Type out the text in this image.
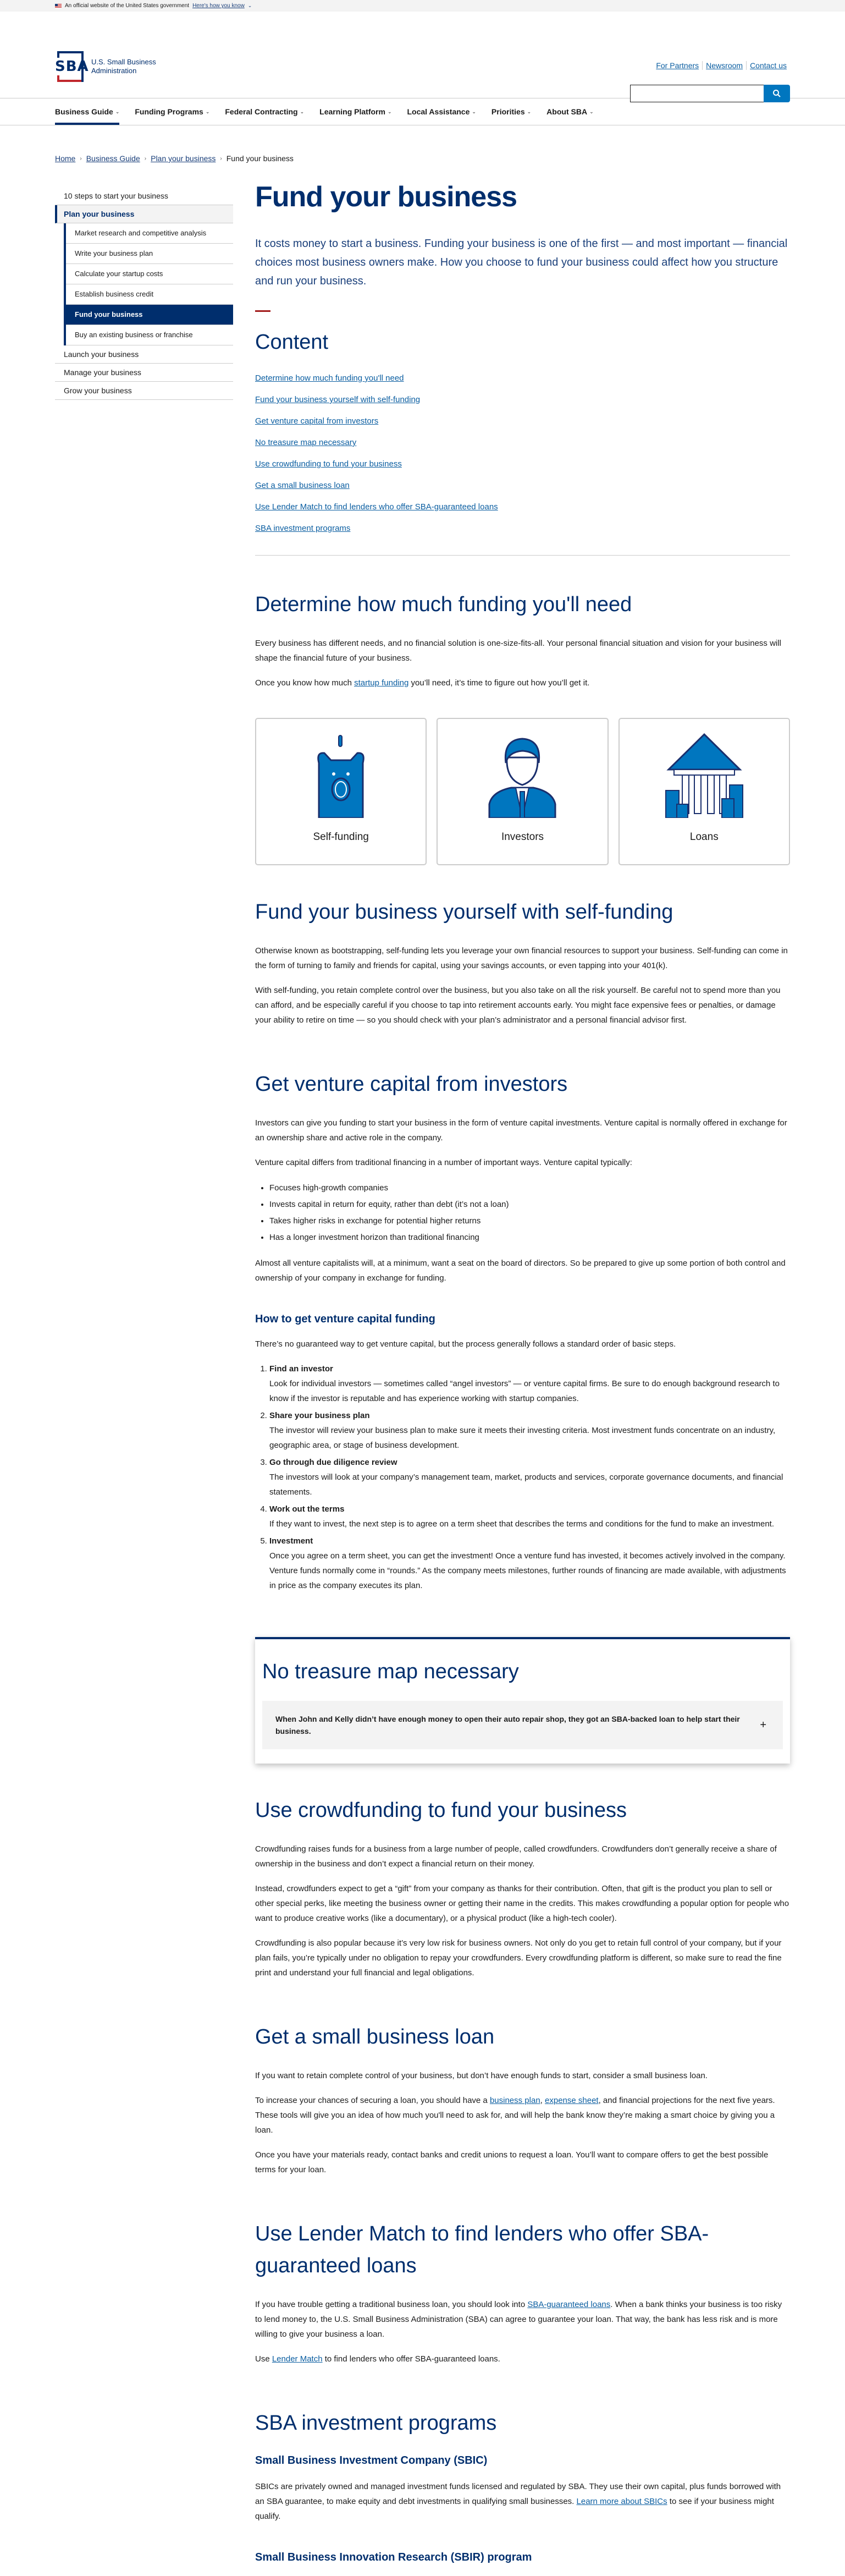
An official website of the United States government Here's how you know ⌄
SBA U.S. Small Business
Administration
For Partners Newsroom Contact us
Business Guide ⌄ Funding Programs ⌄ Federal Contracting ⌄ Learning Platform ⌄ Local Assistance ⌄ Priorities ⌄ About SBA ⌄
Home › Business Guide › Plan your business › Fund your business
10 steps to start your business
Plan your business
Market research and competitive analysis
Write your business plan
Calculate your startup costs
Establish business credit
Fund your business
Buy an existing business or franchise
Launch your business
Manage your business
Grow your business
Fund your business

It costs money to start a business. Funding your business is one of the first — and most important — financial choices most business owners make. How you choose to fund your business could affect how you structure and run your business.

Content
Determine how much funding you'll need
Fund your business yourself with self-funding
Get venture capital from investors
No treasure map necessary
Use crowdfunding to fund your business
Get a small business loan
Use Lender Match to find lenders who offer SBA-guaranteed loans
SBA investment programs
Determine how much funding you'll need

Every business has different needs, and no financial solution is one-size-fits-all. Your personal financial situation and vision for your business will shape the financial future of your business.

Once you know how much startup funding you’ll need, it’s time to figure out how you’ll get it.

Self-funding	Investors	Loans
Fund your business yourself with self-funding

Otherwise known as bootstrapping, self-funding lets you leverage your own financial resources to support your business. Self-funding can come in the form of turning to family and friends for capital, using your savings accounts, or even tapping into your 401(k).

With self-funding, you retain complete control over the business, but you also take on all the risk yourself. Be careful not to spend more than you can afford, and be especially careful if you choose to tap into retirement accounts early. You might face expensive fees or penalties, or damage your ability to retire on time — so you should check with your plan’s administrator and a personal financial advisor first.

Get venture capital from investors

Investors can give you funding to start your business in the form of venture capital investments. Venture capital is normally offered in exchange for an ownership share and active role in the company.

Venture capital differs from traditional financing in a number of important ways. Venture capital typically:

• Focuses high-growth companies
• Invests capital in return for equity, rather than debt (it’s not a loan)
• Takes higher risks in exchange for potential higher returns
• Has a longer investment horizon than traditional financing

Almost all venture capitalists will, at a minimum, want a seat on the board of directors. So be prepared to give up some portion of both control and ownership of your company in exchange for funding.

How to get venture capital funding

There’s no guaranteed way to get venture capital, but the process generally follows a standard order of basic steps.

1. Find an investor
Look for individual investors — sometimes called “angel investors” — or venture capital firms. Be sure to do enough background research to know if the investor is reputable and has experience working with startup companies.
2. Share your business plan
The investor will review your business plan to make sure it meets their investing criteria. Most investment funds concentrate on an industry, geographic area, or stage of business development.
3. Go through due diligence review
The investors will look at your company’s management team, market, products and services, corporate governance documents, and financial statements.
4. Work out the terms
If they want to invest, the next step is to agree on a term sheet that describes the terms and conditions for the fund to make an investment.
5. Investment
Once you agree on a term sheet, you can get the investment! Once a venture fund has invested, it becomes actively involved in the company. Venture funds normally come in “rounds.” As the company meets milestones, further rounds of financing are made available, with adjustments in price as the company executes its plan.
No treasure map necessary
When John and Kelly didn’t have enough money to open their auto repair shop, they got an SBA-backed loan to help start their business.
+
Use crowdfunding to fund your business

Crowdfunding raises funds for a business from a large number of people, called crowdfunders. Crowdfunders don’t generally receive a share of ownership in the business and don’t expect a financial return on their money.

Instead, crowdfunders expect to get a “gift” from your company as thanks for their contribution. Often, that gift is the product you plan to sell or other special perks, like meeting the business owner or getting their name in the credits. This makes crowdfunding a popular option for people who want to produce creative works (like a documentary), or a physical product (like a high-tech cooler).

Crowdfunding is also popular because it’s very low risk for business owners. Not only do you get to retain full control of your company, but if your plan fails, you’re typically under no obligation to repay your crowdfunders. Every crowdfunding platform is different, so make sure to read the fine print and understand your full financial and legal obligations.

Get a small business loan

If you want to retain complete control of your business, but don’t have enough funds to start, consider a small business loan.

To increase your chances of securing a loan, you should have a business plan, expense sheet, and financial projections for the next five years. These tools will give you an idea of how much you'll need to ask for, and will help the bank know they’re making a smart choice by giving you a loan.

Once you have your materials ready, contact banks and credit unions to request a loan. You’ll want to compare offers to get the best possible terms for your loan.

Use Lender Match to find lenders who offer SBA-guaranteed loans

If you have trouble getting a traditional business loan, you should look into SBA-guaranteed loans. When a bank thinks your business is too risky to lend money to, the U.S. Small Business Administration (SBA) can agree to guarantee your loan. That way, the bank has less risk and is more willing to give your business a loan.

Use Lender Match to find lenders who offer SBA-guaranteed loans.

SBA investment programs
Small Business Investment Company (SBIC)

SBICs are privately owned and managed investment funds licensed and regulated by SBA. They use their own capital, plus funds borrowed with an SBA guarantee, to make equity and debt investments in qualifying small businesses. Learn more about SBICs to see if your business might qualify.

Small Business Innovation Research (SBIR) program
